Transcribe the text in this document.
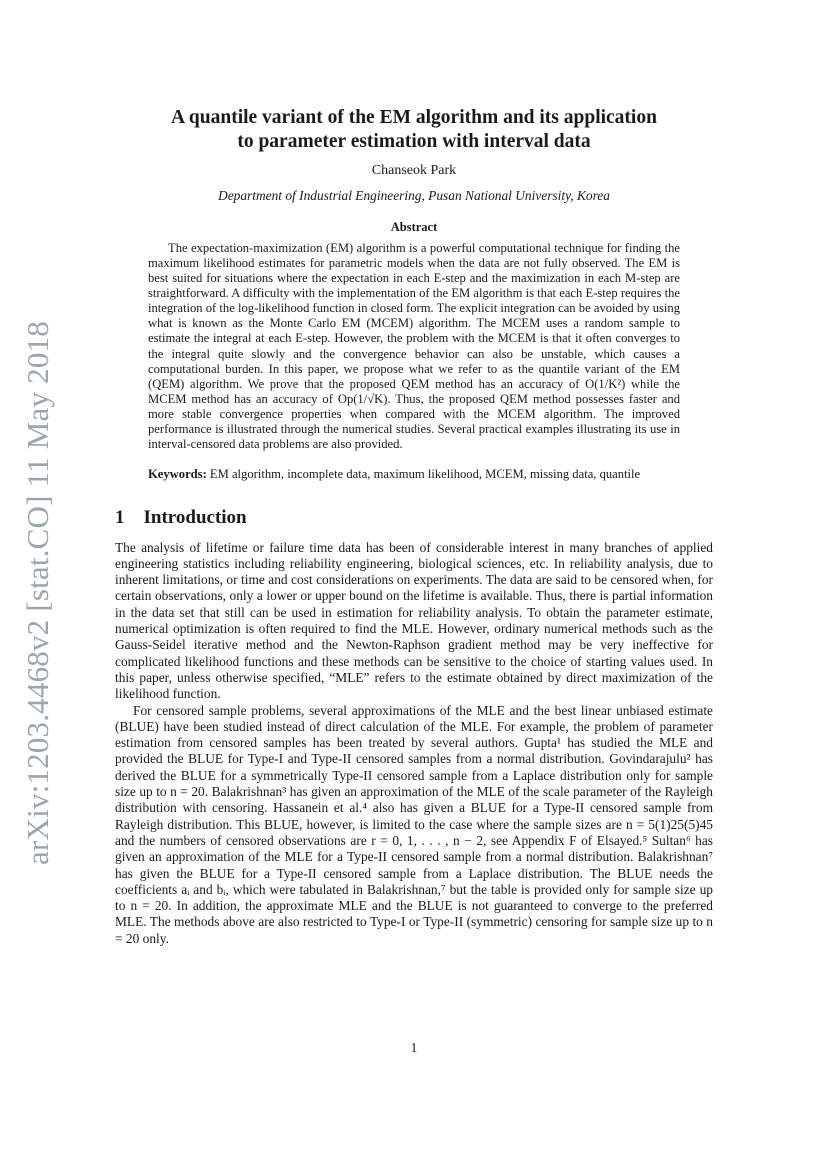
arXiv:1203.4468v2 [stat.CO] 11 May 2018
A quantile variant of the EM algorithm and its application
to parameter estimation with interval data
Chanseok Park
Department of Industrial Engineering, Pusan National University, Korea
Abstract
The expectation-maximization (EM) algorithm is a powerful computational technique for finding the maximum likelihood estimates for parametric models when the data are not fully observed. The EM is best suited for situations where the expectation in each E-step and the maximization in each M-step are straightforward. A difficulty with the implementation of the EM algorithm is that each E-step requires the integration of the log-likelihood function in closed form. The explicit integration can be avoided by using what is known as the Monte Carlo EM (MCEM) algorithm. The MCEM uses a random sample to estimate the integral at each E-step. However, the problem with the MCEM is that it often converges to the integral quite slowly and the convergence behavior can also be unstable, which causes a computational burden. In this paper, we propose what we refer to as the quantile variant of the EM (QEM) algorithm. We prove that the proposed QEM method has an accuracy of O(1/K²) while the MCEM method has an accuracy of Op(1/√K). Thus, the proposed QEM method possesses faster and more stable convergence properties when compared with the MCEM algorithm. The improved performance is illustrated through the numerical studies. Several practical examples illustrating its use in interval-censored data problems are also provided.
Keywords: EM algorithm, incomplete data, maximum likelihood, MCEM, missing data, quantile
1 Introduction

The analysis of lifetime or failure time data has been of considerable interest in many branches of applied engineering statistics including reliability engineering, biological sciences, etc. In reliability analysis, due to inherent limitations, or time and cost considerations on experiments. The data are said to be censored when, for certain observations, only a lower or upper bound on the lifetime is available. Thus, there is partial information in the data set that still can be used in estimation for reliability analysis. To obtain the parameter estimate, numerical optimization is often required to find the MLE. However, ordinary numerical methods such as the Gauss-Seidel iterative method and the Newton-Raphson gradient method may be very ineffective for complicated likelihood functions and these methods can be sensitive to the choice of starting values used. In this paper, unless otherwise specified, “MLE” refers to the estimate obtained by direct maximization of the likelihood function.

For censored sample problems, several approximations of the MLE and the best linear unbiased estimate (BLUE) have been studied instead of direct calculation of the MLE. For example, the problem of parameter estimation from censored samples has been treated by several authors. Gupta¹ has studied the MLE and provided the BLUE for Type-I and Type-II censored samples from a normal distribution. Govindarajulu² has derived the BLUE for a symmetrically Type-II censored sample from a Laplace distribution only for sample size up to n = 20. Balakrishnan³ has given an approximation of the MLE of the scale parameter of the Rayleigh distribution with censoring. Hassanein et al.⁴ also has given a BLUE for a Type-II censored sample from Rayleigh distribution. This BLUE, however, is limited to the case where the sample sizes are n = 5(1)25(5)45 and the numbers of censored observations are r = 0, 1, . . . , n − 2, see Appendix F of Elsayed.⁵ Sultan⁶ has given an approximation of the MLE for a Type-II censored sample from a normal distribution. Balakrishnan⁷ has given the BLUE for a Type-II censored sample from a Laplace distribution. The BLUE needs the coefficients aᵢ and bᵢ, which were tabulated in Balakrishnan,⁷ but the table is provided only for sample size up to n = 20. In addition, the approximate MLE and the BLUE is not guaranteed to converge to the preferred MLE. The methods above are also restricted to Type-I or Type-II (symmetric) censoring for sample size up to n = 20 only.

1
